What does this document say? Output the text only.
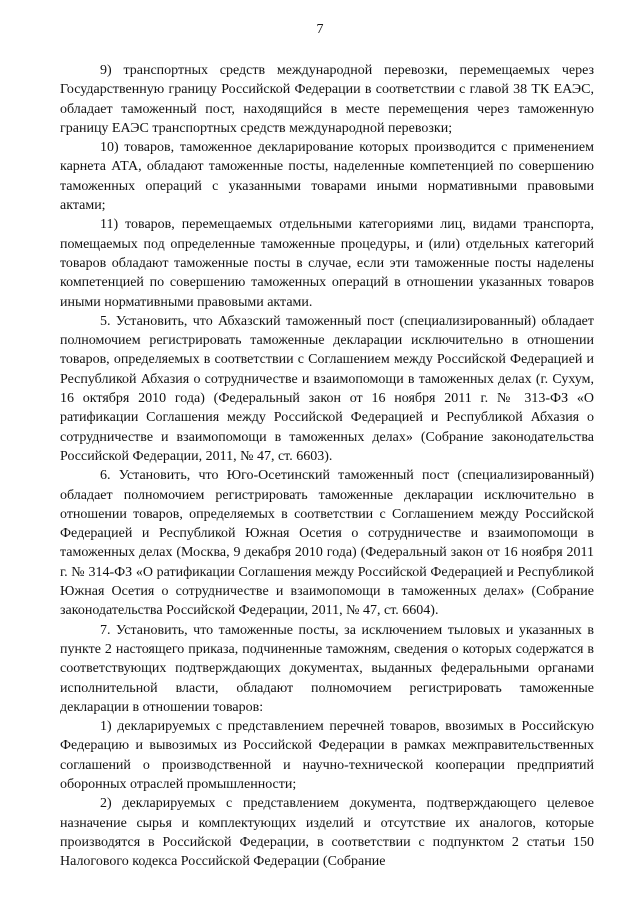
7

9) транспортных средств международной перевозки, перемещаемых через Государственную границу Российской Федерации в соответствии с главой 38 ТК ЕАЭС, обладает таможенный пост, находящийся в месте перемещения через таможенную границу ЕАЭС транспортных средств международной перевозки;

10) товаров, таможенное декларирование которых производится с применением карнета АТА, обладают таможенные посты, наделенные компетенцией по совершению таможенных операций с указанными товарами иными нормативными правовыми актами;

11) товаров, перемещаемых отдельными категориями лиц, видами транспорта, помещаемых под определенные таможенные процедуры, и (или) отдельных категорий товаров обладают таможенные посты в случае, если эти таможенные посты наделены компетенцией по совершению таможенных операций в отношении указанных товаров иными нормативными правовыми актами.

5. Установить, что Абхазский таможенный пост (специализированный) обладает полномочием регистрировать таможенные декларации исключительно в отношении товаров, определяемых в соответствии с Соглашением между Российской Федерацией и Республикой Абхазия о сотрудничестве и взаимопомощи в таможенных делах (г. Сухум, 16 октября 2010 года) (Федеральный закон от 16 ноября 2011 г. № 313-ФЗ «О ратификации Соглашения между Российской Федерацией и Республикой Абхазия о сотрудничестве и взаимопомощи в таможенных делах» (Собрание законодательства Российской Федерации, 2011, № 47, ст. 6603).

6. Установить, что Юго-Осетинский таможенный пост (специализированный) обладает полномочием регистрировать таможенные декларации исключительно в отношении товаров, определяемых в соответствии с Соглашением между Российской Федерацией и Республикой Южная Осетия о сотрудничестве и взаимопомощи в таможенных делах (Москва, 9 декабря 2010 года) (Федеральный закон от 16 ноября 2011 г. № 314-ФЗ «О ратификации Соглашения между Российской Федерацией и Республикой Южная Осетия о сотрудничестве и взаимопомощи в таможенных делах» (Собрание законодательства Российской Федерации, 2011, № 47, ст. 6604).

7. Установить, что таможенные посты, за исключением тыловых и указанных в пункте 2 настоящего приказа, подчиненные таможням, сведения о которых содержатся в соответствующих подтверждающих документах, выданных федеральными органами исполнительной власти, обладают полномочием регистрировать таможенные декларации в отношении товаров:

1) декларируемых с представлением перечней товаров, ввозимых в Российскую Федерацию и вывозимых из Российской Федерации в рамках межправительственных соглашений о производственной и научно-технической кооперации предприятий оборонных отраслей промышленности;

2) декларируемых с представлением документа, подтверждающего целевое назначение сырья и комплектующих изделий и отсутствие их аналогов, которые производятся в Российской Федерации, в соответствии с подпунктом 2 статьи 150 Налогового кодекса Российской Федерации (Собрание
